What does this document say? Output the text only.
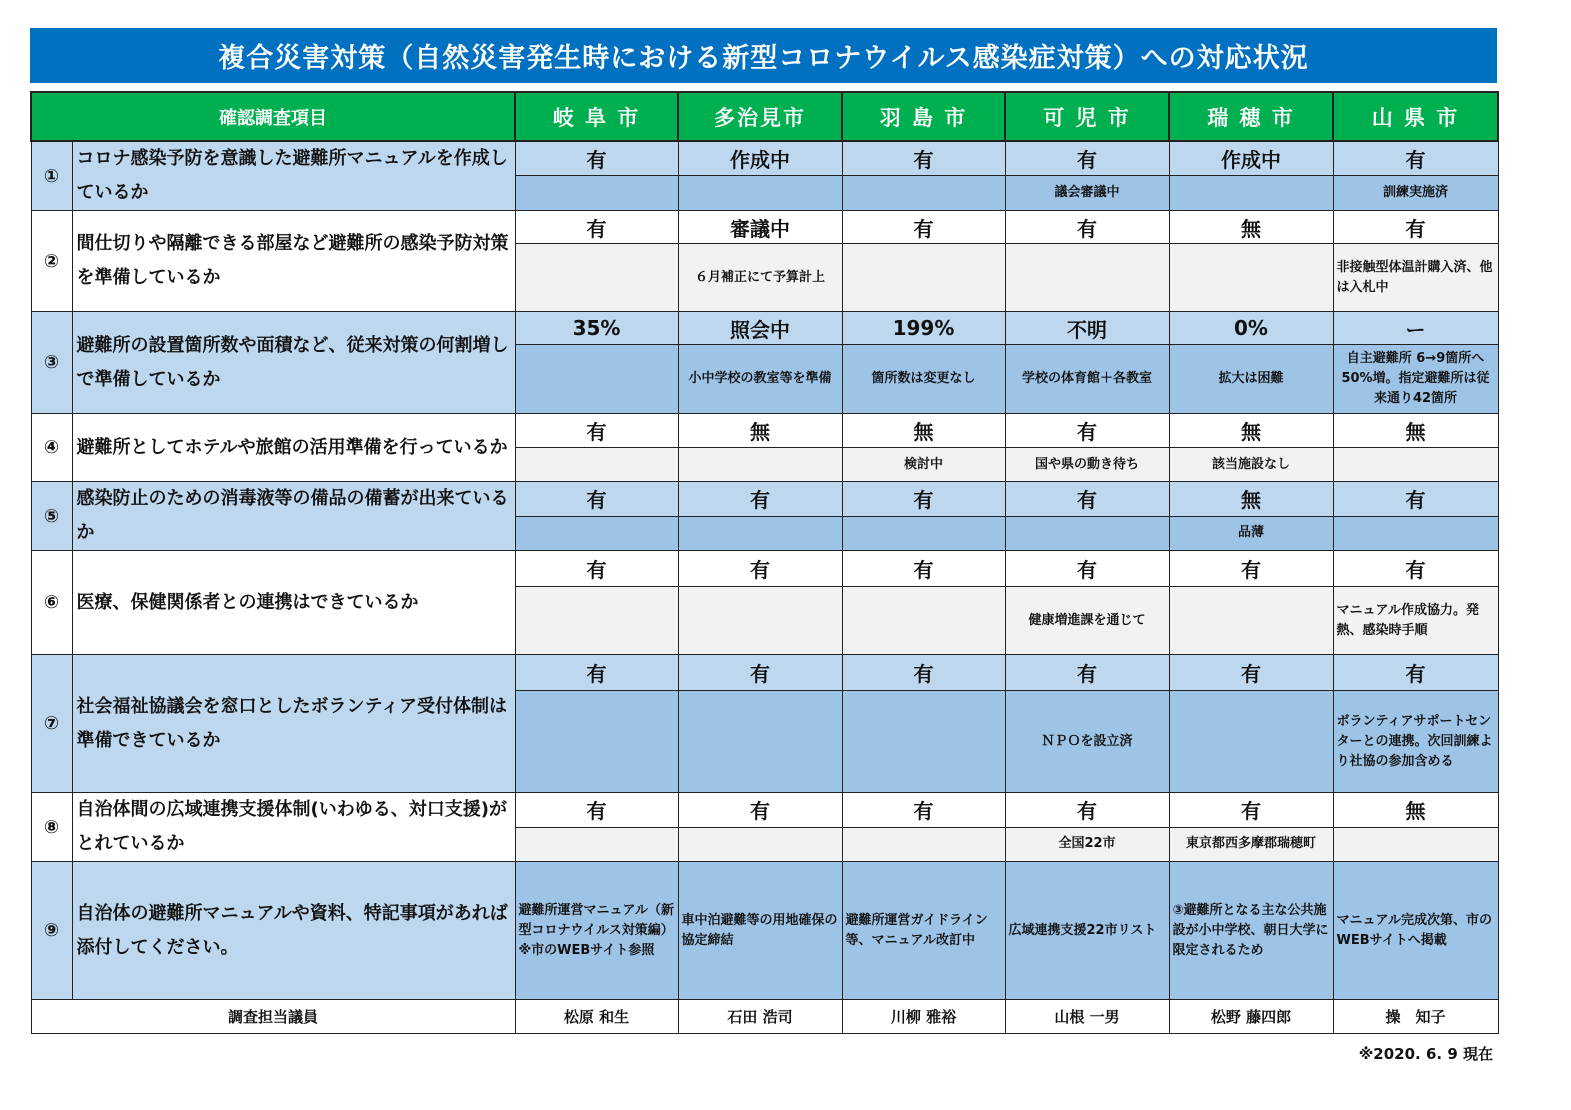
複合災害対策（自然災害発生時における新型コロナウイルス感染症対策）への対応状況
確認調査項目		岐 阜 市	多治見市	羽 島 市	可 児 市	瑞 穂 市	山 県 市
①	コロナ感染予防を意識した避難所マニュアルを作成しているか	有	作成中	有	有	作成中	有
					議会審議中		訓練実施済
②	間仕切りや隔離できる部屋など避難所の感染予防対策を準備しているか	有	審議中	有	有	無	有
			６月補正にて予算計上				非接触型体温計購入済、他は入札中
③	避難所の設置箇所数や面積など、従来対策の何割増しで準備しているか	35%	照会中	199%	不明	0%	ー
			小中学校の教室等を準備	箇所数は変更なし	学校の体育館＋各教室	拡大は困難	自主避難所 6→9箇所へ50%増。指定避難所は従来通り42箇所
④	避難所としてホテルや旅館の活用準備を行っているか	有	無	無	有	無	無
				検討中	国や県の動き待ち	該当施設なし	
⑤	感染防止のための消毒液等の備品の備蓄が出来ているか	有	有	有	有	無	有
						品薄	
⑥	医療、保健関係者との連携はできているか	有	有	有	有	有	有
					健康増進課を通じて		マニュアル作成協力。発熱、感染時手順
⑦	社会福祉協議会を窓口としたボランティア受付体制は準備できているか	有	有	有	有	有	有
					ＮＰＯを設立済		ボランティアサポートセンターとの連携。次回訓練より社協の参加含める
⑧	自治体間の広域連携支援体制(いわゆる、対口支援)がとれているか	有	有	有	有	有	無
					全国22市	東京都西多摩郡瑞穂町	
⑨	自治体の避難所マニュアルや資料、特記事項があれば添付してください。	避難所運営マニュアル（新型コロナウイルス対策編）※市のWEBサイト参照	車中泊避難等の用地確保の協定締結	避難所運営ガイドライン等、マニュアル改訂中	広域連携支援22市リスト	③避難所となる主な公共施設が小中学校、朝日大学に限定されるため	マニュアル完成次第、市のWEBサイトへ掲載
調査担当議員		松原 和生	石田 浩司	川柳 雅裕	山根 一男	松野 藤四郎	操　知子
※2020. 6. 9 現在
